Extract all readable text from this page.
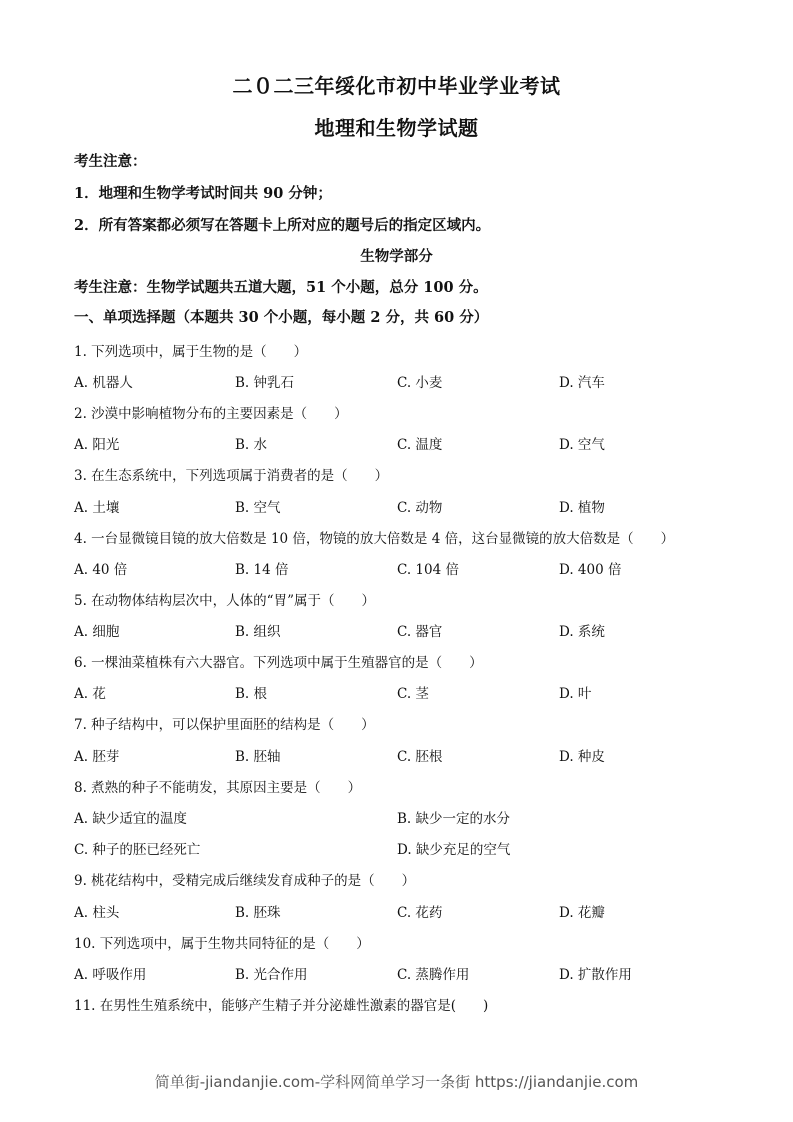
二０二三年绥化市初中毕业学业考试
地理和生物学试题
考生注意：
1．地理和生物学考试时间共 90 分钟；
2．所有答案都必须写在答题卡上所对应的题号后的指定区域内。
生物学部分
考生注意：生物学试题共五道大题，51 个小题，总分 100 分。
一、单项选择题（本题共 30 个小题，每小题 2 分，共 60 分）
1. 下列选项中，属于生物的是（　　）
A. 机器人	B. 钟乳石	C. 小麦	D. 汽车
2. 沙漠中影响植物分布的主要因素是（　　）
A. 阳光	B. 水	C. 温度	D. 空气
3. 在生态系统中，下列选项属于消费者的是（　　）
A. 土壤	B. 空气	C. 动物	D. 植物
4. 一台显微镜目镜的放大倍数是 10 倍，物镜的放大倍数是 4 倍，这台显微镜的放大倍数是（　　）
A. 40 倍	B. 14 倍	C. 104 倍	D. 400 倍
5. 在动物体结构层次中，人体的“胃”属于（　　）
A. 细胞	B. 组织	C. 器官	D. 系统
6. 一棵油菜植株有六大器官。下列选项中属于生殖器官的是（　　）
A. 花	B. 根	C. 茎	D. 叶
7. 种子结构中，可以保护里面胚的结构是（　　）
A. 胚芽	B. 胚轴	C. 胚根	D. 种皮
8. 煮熟的种子不能萌发，其原因主要是（　　）
A. 缺少适宜的温度	B. 缺少一定的水分
C. 种子的胚已经死亡	D. 缺少充足的空气
9. 桃花结构中，受精完成后继续发育成种子的是（　　）
A. 柱头	B. 胚珠	C. 花药	D. 花瓣
10. 下列选项中，属于生物共同特征的是（　　）
A. 呼吸作用	B. 光合作用	C. 蒸腾作用	D. 扩散作用
11. 在男性生殖系统中，能够产生精子并分泌雄性激素的器官是(　　)
简单街-jiandanjie.com-学科网简单学习一条街 https://jiandanjie.com
